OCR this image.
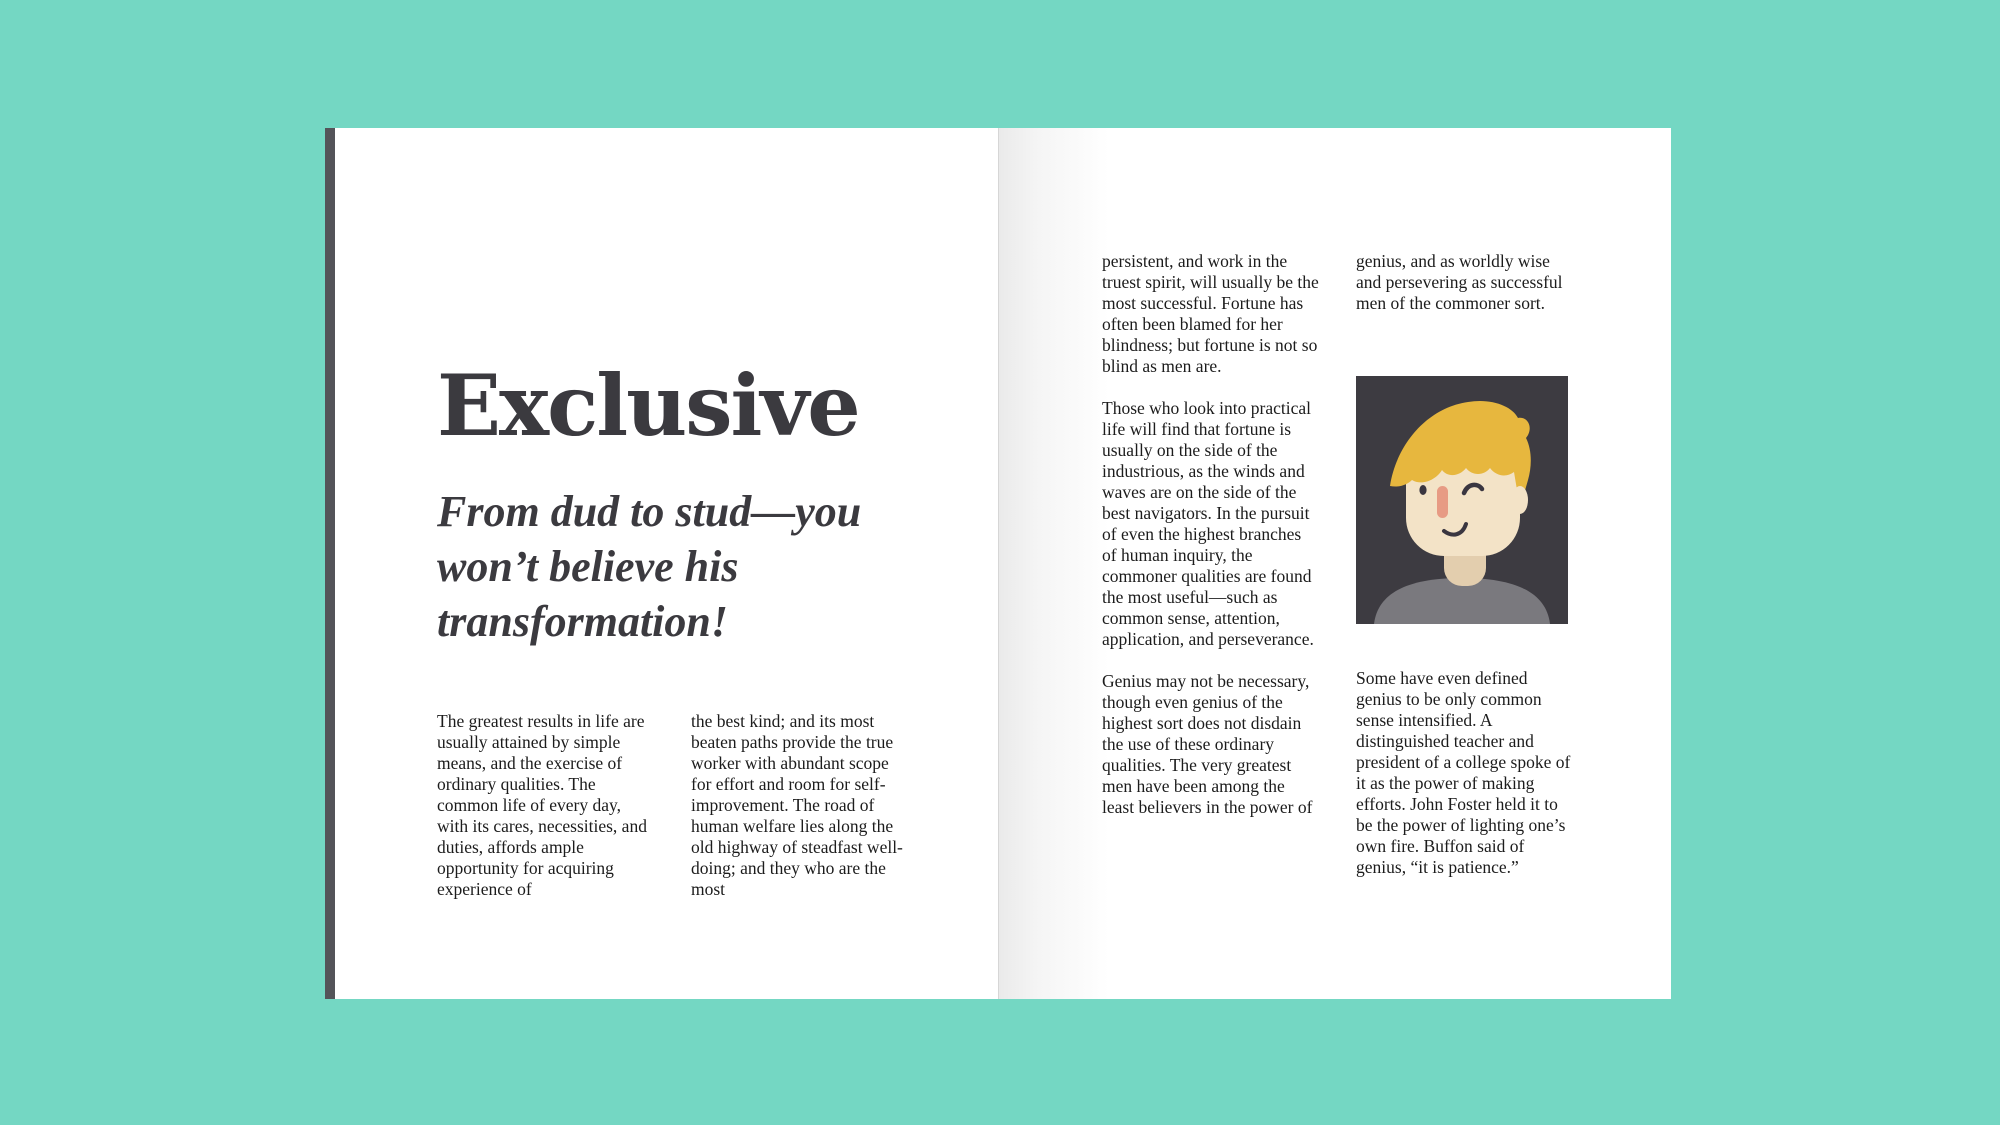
Exclusive
From dud to stud—you won’t believe his transformation!

The greatest results in life are usually attained by simple means, and the exercise of ordinary qualities. The common life of every day, with its cares, necessities, and duties, affords ample opportunity for acquiring experience of

the best kind; and its most beaten paths provide the true worker with abundant scope for effort and room for self-improvement. The road of human welfare lies along the old highway of steadfast well-doing; and they who are the most

persistent, and work in the truest spirit, will usually be the most successful. Fortune has often been blamed for her blindness; but fortune is not so blind as men are.

Those who look into practical life will find that fortune is usually on the side of the industrious, as the winds and waves are on the side of the best navigators. In the pursuit of even the highest branches of human inquiry, the commoner qualities are found the most useful—such as common sense, attention, application, and perseverance.

Genius may not be necessary, though even genius of the highest sort does not disdain the use of these ordinary qualities. The very greatest men have been among the least believers in the power of

genius, and as worldly wise and persevering as successful men of the commoner sort.

Some have even defined genius to be only common sense intensified. A distinguished teacher and president of a college spoke of it as the power of making efforts. John Foster held it to be the power of lighting one’s own fire. Buffon said of genius, “it is patience.”
